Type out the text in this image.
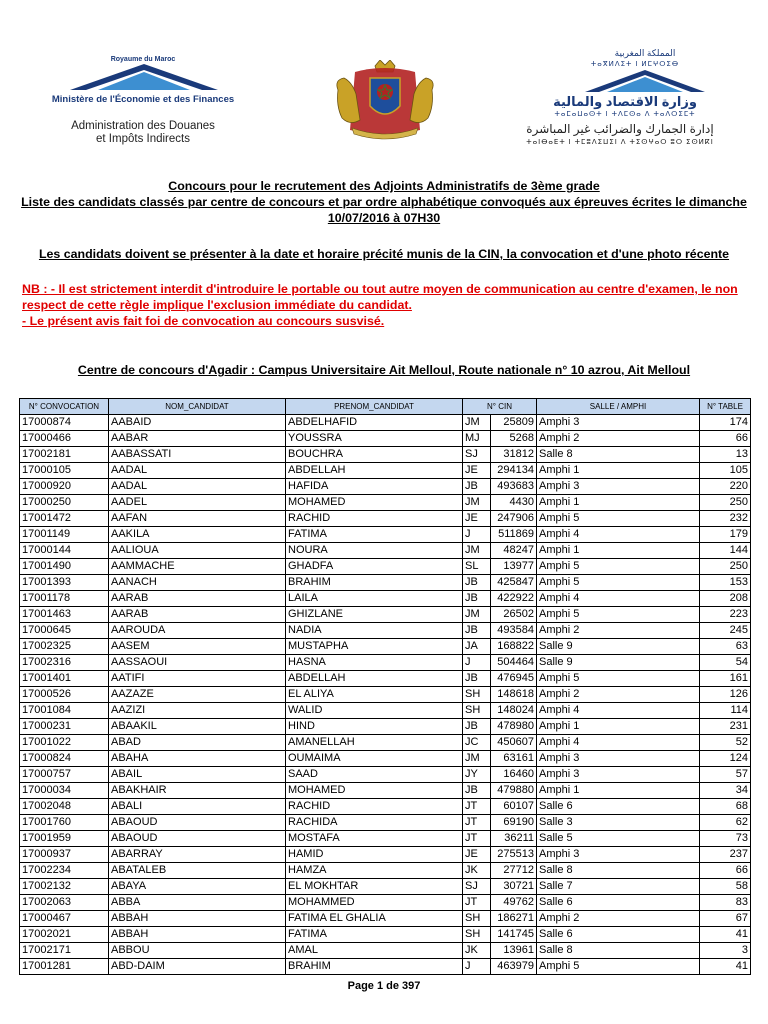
Royaume du Maroc
Ministère de l'Économie et des Finances
Administration des Douanes
et Impôts Indirects
المملكة المغربية
ⵜⴰⴳⵍⴷⵉⵜ ⵏ ⵍⵎⵖⵔⵉⴱ
وزارة الاقتصاد والمالية
ⵜⴰⵎⴰⵡⴰⵙⵜ ⵏ ⵜⴷⵎⵙⴰ ⴷ ⵜⴰⴷⵔⵉⵎⵜ
إدارة الجمارك والضرائب غير المباشرة
ⵜⴰⵏⴱⴰⴹⵜ ⵏ ⵜⵎⵓⴷⵉⵡⵉⵏ ⴷ ⵜⵉⵙⵖⴰⵔ ⵓⵔ ⵉⵙⵍⴽⵏ
Concours pour le recrutement des Adjoints Administratifs de 3ème grade
Liste des candidats classés par centre de concours et par ordre alphabétique convoqués aux épreuves écrites le dimanche
10/07/2016 à 07H30
Les candidats doivent se présenter à la date et horaire précité munis de la CIN, la convocation et d'une photo récente
NB : - Il est strictement interdit d'introduire le portable ou tout autre moyen de communication au centre d'examen, le non
respect de cette règle implique l'exclusion immédiate du candidat.
- Le présent avis fait foi de convocation au concours susvisé.
Centre de concours d'Agadir : Campus Universitaire Ait Melloul, Route nationale n° 10 azrou, Ait Melloul
N° CONVOCATION	NOM_CANDIDAT	PRENOM_CANDIDAT	N° CIN		SALLE / AMPHI	N° TABLE
17000874	AABAID	ABDELHAFID	JM	25809	Amphi 3	174
17000466	AABAR	YOUSSRA	MJ	5268	Amphi 2	66
17002181	AABASSATI	BOUCHRA	SJ	31812	Salle 8	13
17000105	AADAL	ABDELLAH	JE	294134	Amphi 1	105
17000920	AADAL	HAFIDA	JB	493683	Amphi 3	220
17000250	AADEL	MOHAMED	JM	4430	Amphi 1	250
17001472	AAFAN	RACHID	JE	247906	Amphi 5	232
17001149	AAKILA	FATIMA	J	511869	Amphi 4	179
17000144	AALIOUA	NOURA	JM	48247	Amphi 1	144
17001490	AAMMACHE	GHADFA	SL	13977	Amphi 5	250
17001393	AANACH	BRAHIM	JB	425847	Amphi 5	153
17001178	AARAB	LAILA	JB	422922	Amphi 4	208
17001463	AARAB	GHIZLANE	JM	26502	Amphi 5	223
17000645	AAROUDA	NADIA	JB	493584	Amphi 2	245
17002325	AASEM	MUSTAPHA	JA	168822	Salle 9	63
17002316	AASSAOUI	HASNA	J	504464	Salle 9	54
17001401	AATIFI	ABDELLAH	JB	476945	Amphi 5	161
17000526	AAZAZE	EL ALIYA	SH	148618	Amphi 2	126
17001084	AAZIZI	WALID	SH	148024	Amphi 4	114
17000231	ABAAKIL	HIND	JB	478980	Amphi 1	231
17001022	ABAD	AMANELLAH	JC	450607	Amphi 4	52
17000824	ABAHA	OUMAIMA	JM	63161	Amphi 3	124
17000757	ABAIL	SAAD	JY	16460	Amphi 3	57
17000034	ABAKHAIR	MOHAMED	JB	479880	Amphi 1	34
17002048	ABALI	RACHID	JT	60107	Salle 6	68
17001760	ABAOUD	RACHIDA	JT	69190	Salle 3	62
17001959	ABAOUD	MOSTAFA	JT	36211	Salle 5	73
17000937	ABARRAY	HAMID	JE	275513	Amphi 3	237
17002234	ABATALEB	HAMZA	JK	27712	Salle 8	66
17002132	ABAYA	EL MOKHTAR	SJ	30721	Salle 7	58
17002063	ABBA	MOHAMMED	JT	49762	Salle 6	83
17000467	ABBAH	FATIMA EL GHALIA	SH	186271	Amphi 2	67
17002021	ABBAH	FATIMA	SH	141745	Salle 6	41
17002171	ABBOU	AMAL	JK	13961	Salle 8	3
17001281	ABD-DAIM	BRAHIM	J	463979	Amphi 5	41
Page 1 de 397
